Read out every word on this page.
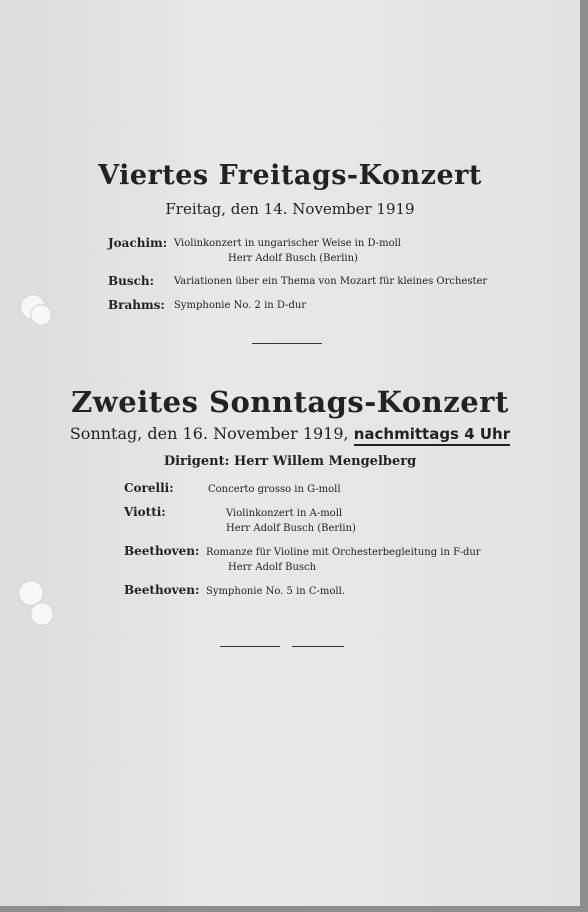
Viertes Freitags-Konzert
Freitag, den 14. November 1919
Joachim: Violinkonzert in ungarischer Weise in D-moll
Herr Adolf Busch (Berlin)
Busch: Variationen über ein Thema von Mozart für kleines Orchester
Brahms: Symphonie No. 2 in D-dur
Zweites Sonntags-Konzert
Sonntag, den 16. November 1919, nachmittags 4 Uhr
Dirigent: Herr Willem Mengelberg
Corelli:	Concerto grosso in G-moll
Viotti:	Violinkonzert in A-moll
Herr Adolf Busch (Berlin)
Beethoven: Romanze für Violine mit Orchesterbegleitung in F-dur
Herr Adolf Busch
Beethoven: Symphonie No. 5 in C-moll.
